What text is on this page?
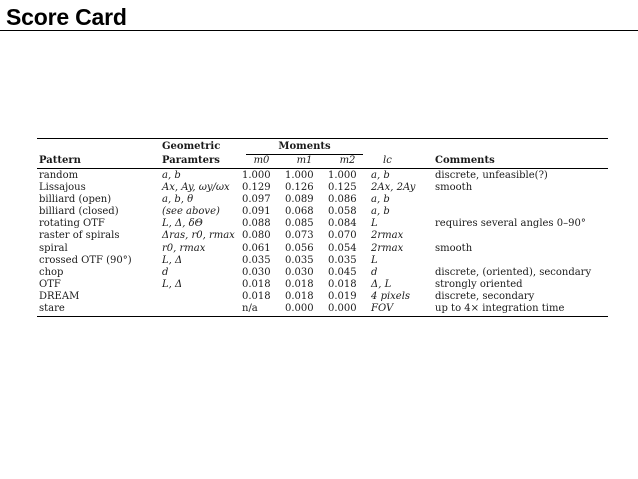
Score Card
	Geometric	Moments				

Pattern	Paramters	m0	m1	m2	lc	Comments

random	a, b	1.000	1.000	1.000	a, b	discrete, unfeasible(?)
Lissajous	Ax, Ay, ωy/ωx	0.129	0.126	0.125	2Ax, 2Ay	smooth
billiard (open)	a, b, θ	0.097	0.089	0.086	a, b	
billiard (closed)	(see above)	0.091	0.068	0.058	a, b	
rotating OTF	L, Δ, δΘ	0.088	0.085	0.084	L	requires several angles 0–90°
raster of spirals	Δras, r0, rmax	0.080	0.073	0.070	2rmax	
spiral	r0, rmax	0.061	0.056	0.054	2rmax	smooth
crossed OTF (90°)	L, Δ	0.035	0.035	0.035	L	
chop	d	0.030	0.030	0.045	d	discrete, (oriented), secondary
OTF	L, Δ	0.018	0.018	0.018	Δ, L	strongly oriented
DREAM		0.018	0.018	0.019	4 pixels	discrete, secondary
stare		n/a	0.000	0.000	FOV	up to 4× integration time
